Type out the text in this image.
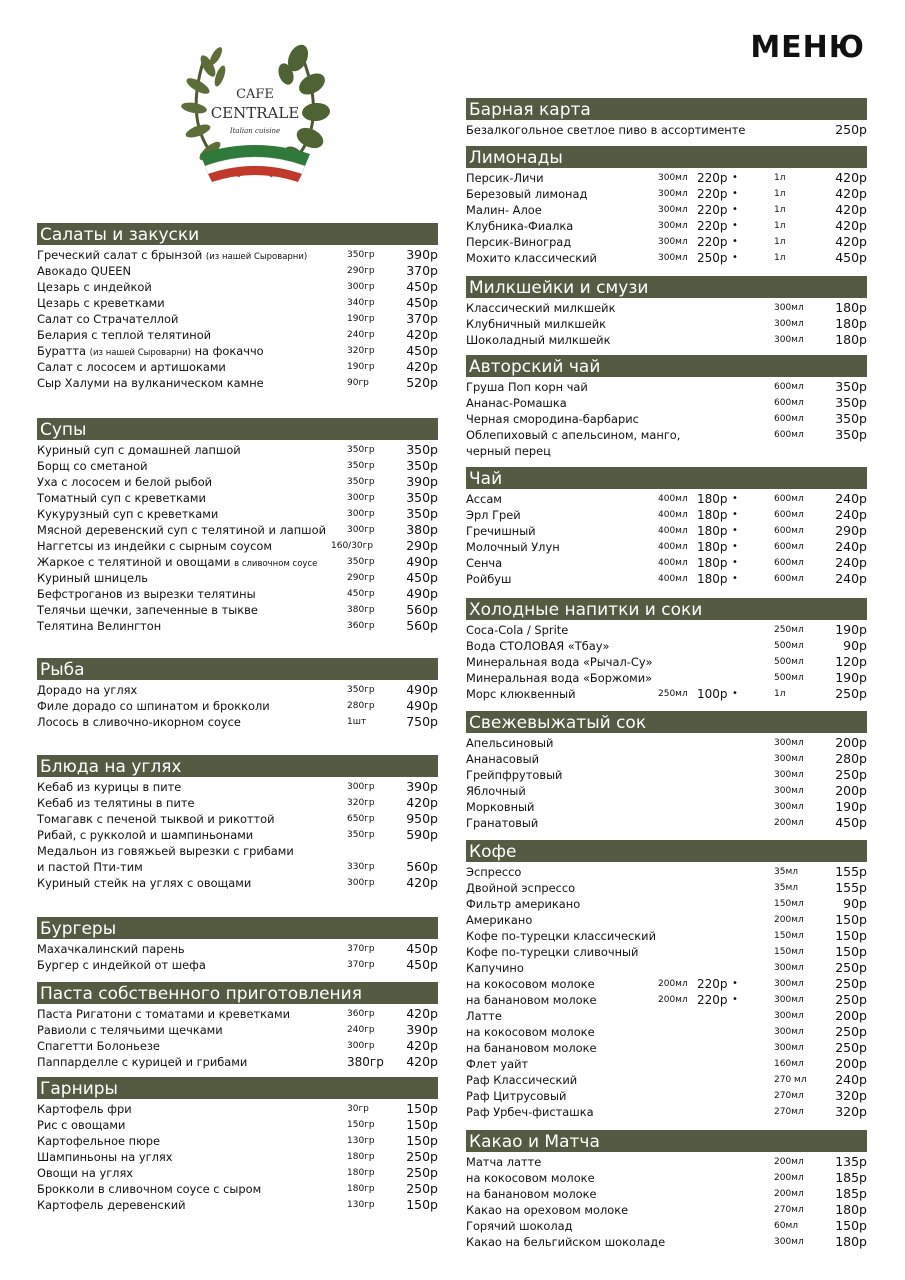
CAFE
CENTRALE
Italian cuisine
МЕНЮ
Салаты и закуски
Греческий салат с брынзой (из нашей Сыроварни)	350гр	390р
Авокадо QUEEN	290гр	370р
Цезарь с индейкой	300гр	450р
Цезарь с креветками	340гр	450р
Салат со Страчателлой	190гр	370р
Белария с теплой телятиной	240гр	420р
Буратта (из нашей Сыроварни) на фокаччо	320гр	450р
Салат с лососем и артишоками	190гр	420р
Сыр Халуми на вулканическом камне	90гр	520р
Супы
Куриный суп с домашней лапшой	350гр	350р
Борщ со сметаной	350гр	350р
Уха с лососем и белой рыбой	350гр	390р
Томатный суп с креветками	300гр	350р
Кукурузный суп с креветками	300гр	350р
Мясной деревенский суп с телятиной и лапшой 300гр	380р
Наггетсы из индейки с сырным соусом	160/30гр	290р
Жаркое с телятиной и овощами в сливочном соусе	350гр	490р
Куриный шницель	290гр	450р
Бефстроганов из вырезки телятины	450гр	490р
Телячьи щечки, запеченные в тыкве	380гр	560р
Телятина Велингтон	360гр	560р
Рыба
Дорадо на углях	350гр	490р
Филе дорадо со шпинатом и брокколи	280гр	490р
Лосось в сливочно-икорном соусе	1шт	750р
Блюда на углях
Кебаб из курицы в пите	300гр	390р
Кебаб из телятины в пите	320гр	420р
Томагавк с печеной тыквой и рикоттой	650гр	950р
Рибай, с рукколой и шампиньонами	350гр	590р
Медальон из говяжьей вырезки с грибами
и пастой Пти-тим	330гр	560р
Куриный стейк на углях с овощами	300гр	420р
Бургеры
Махачкалинский парень	370гр	450р
Бургер с индейкой от шефа	370гр	450р
Паста собственного приготовления
Паста Ригатони с томатами и креветками	360гр	420р
Равиоли с телячьими щечками	240гр	390р
Спагетти Болоньезе	300гр	420р
Паппарделле с курицей и грибами	380гр 420р
Гарниры
Картофель фри	30гр	150р
Рис с овощами	150гр	150р
Картофельное пюре	130гр	150р
Шампиньоны на углях	180гр	250р
Овощи на углях	180гр	250р
Брокколи в сливочном соусе с сыром	180гр	250р
Картофель деревенский	130гр	150р
Барная карта
Безалкогольное светлое пиво в ассортименте	250р
Лимонады
Персик-Личи	300мл 220р •	1л	420р
Березовый лимонад	300мл 220р •	1л	420р
Малин- Алое	300мл 220р •	1л	420р
Клубника-Фиалка	300мл 220р •	1л	420р
Персик-Виноград	300мл 220р •	1л	420р
Мохито классический	300мл 250р •	1л	450р
Милкшейки и смузи
Классический милкшейк	300мл	180р
Клубничный милкшейк	300мл	180р
Шоколадный милкшейк	300мл	180р
Авторский чай
Груша Поп корн чай	600мл	350р
Ананас-Ромашка	600мл	350р
Черная смородина-барбарис	600мл	350р
Облепиховый с апельсином, манго,	600мл	350р
черный перец
Чай
Ассам	400мл 180р •	600мл	240р
Эрл Грей	400мл 180р •	600мл	240р
Гречишный	400мл 180р •	600мл	290р
Молочный Улун	400мл 180р •	600мл	240р
Сенча	400мл 180р •	600мл	240р
Ройбуш	400мл 180р •	600мл	240р
Холодные напитки и соки
Coca-Cola / Sprite	250мл	190р
Вода СТОЛОВАЯ «Тбау»	500мл	90р
Минеральная вода «Рычал-Су»	500мл	120р
Минеральная вода «Боржоми»	500мл	190р
Морс клюквенный	250мл 100р •	1л	250р
Свежевыжатый сок
Апельсиновый	300мл	200р
Ананасовый	300мл	280р
Грейпфрутовый	300мл	250р
Яблочный	300мл	200р
Морковный	300мл	190р
Гранатовый	200мл	450р
Кофе
Эспрессо	35мл	155р
Двойной эспрессо	35мл	155р
Фильтр американо	150мл	90р
Американо	200мл	150р
Кофе по-турецки классический	150мл	150р
Кофе по-турецки сливочный	150мл	150р
Капучино	300мл	250р
на кокосовом молоке	200мл 220р •	300мл	250р
на банановом молоке	200мл 220р •	300мл	250р
Латте	300мл	200р
на кокосовом молоке	300мл	250р
на банановом молоке	300мл	250р
Флет уайт	160мл	200р
Раф Классический	270 мл 240р
Раф Цитрусовый	270мл	320р
Раф Урбеч-фисташка	270мл	320р
Какао и Матча
Матча латте	200мл	135р
на кокосовом молоке	200мл	185р
на банановом молоке	200мл	185р
Какао на ореховом молоке	270мл	180р
Горячий шоколад	60мл	150р
Какао на бельгийском шоколаде	300мл	180р
